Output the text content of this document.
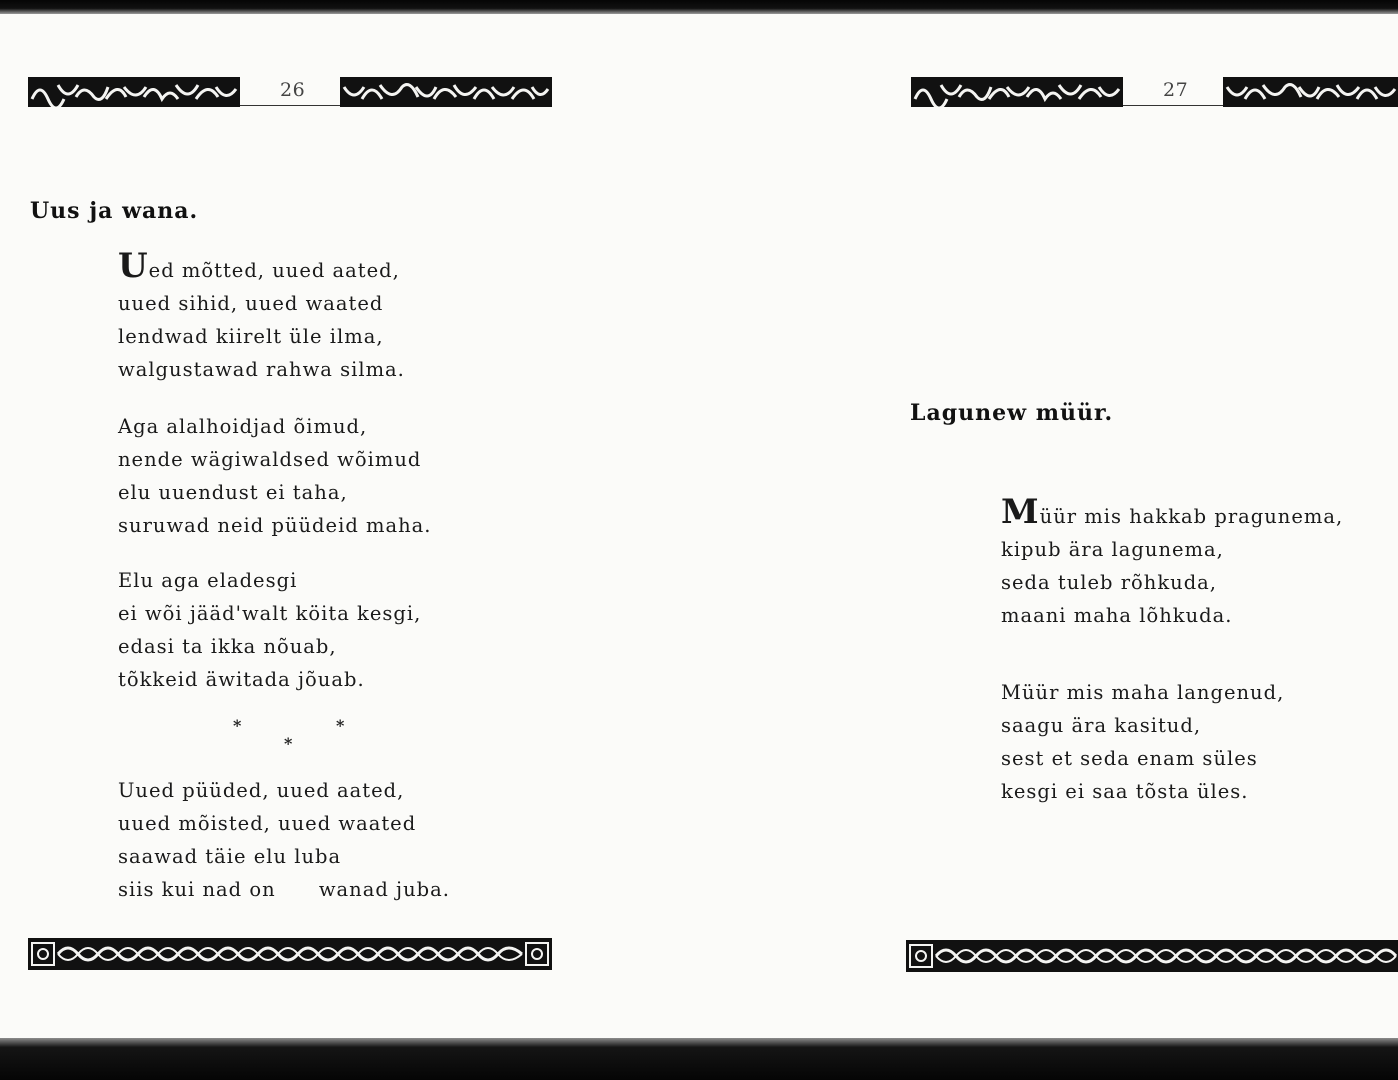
26
Uus ja wana.
Ued mõtted, uued aated,
uued sihid, uued waated
lendwad kiirelt üle ilma,
walgustawad rahwa silma.
Aga alalhoidjad õimud,
nende wägiwaldsed wõimud
elu uuendust ei taha,
suruwad neid püüdeid maha.
Elu aga eladesgi
ei wõi jääd'walt köita kesgi,
edasi ta ikka nõuab,
tõkkeid äwitada jõuab.
*	*
*
Uued püüded, uued aated,
uued mõisted, uued waated
saawad täie elu luba
siis kui nad on      wanad juba.
27
Lagunew müür.
Müür mis hakkab pragunema,
kipub ära lagunema,
seda tuleb rõhkuda,
maani maha lõhkuda.
Müür mis maha langenud,
saagu ära kasitud,
sest et seda enam süles
kesgi ei saa tõsta üles.
